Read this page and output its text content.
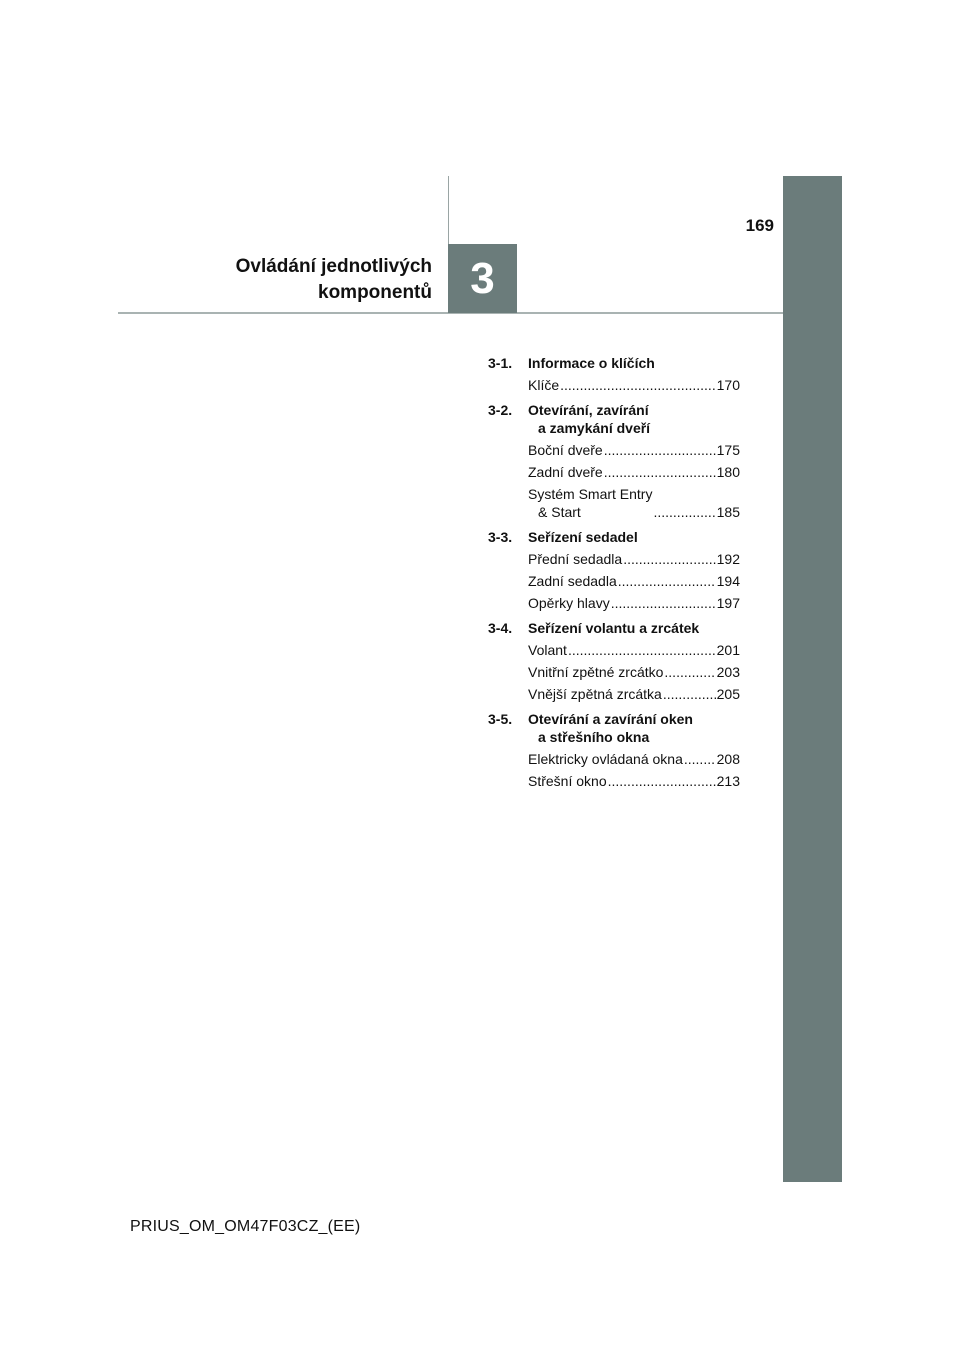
169
Ovládání jednotlivých
komponentů 3
3-1.	Informace o klíčích
Klíče .....	170
3-2.	Otevírání, zavírání
a zamykání dveří
Boční dveře .....	175
Zadní dveře .....	180
Systém Smart Entry
& Start .....	185
3-3.	Seřízení sedadel
Přední sedadla .....	192
Zadní sedadla .....	194
Opěrky hlavy .....	197
3-4.	Seřízení volantu a zrcátek
Volant .....	201
Vnitřní zpětné zrcátko .....	203
Vnější zpětná zrcátka .....	205
3-5.	Otevírání a zavírání oken
a střešního okna
Elektricky ovládaná okna ..... 208
Střešní okno .....	213
PRIUS_OM_OM47F03CZ_(EE)
